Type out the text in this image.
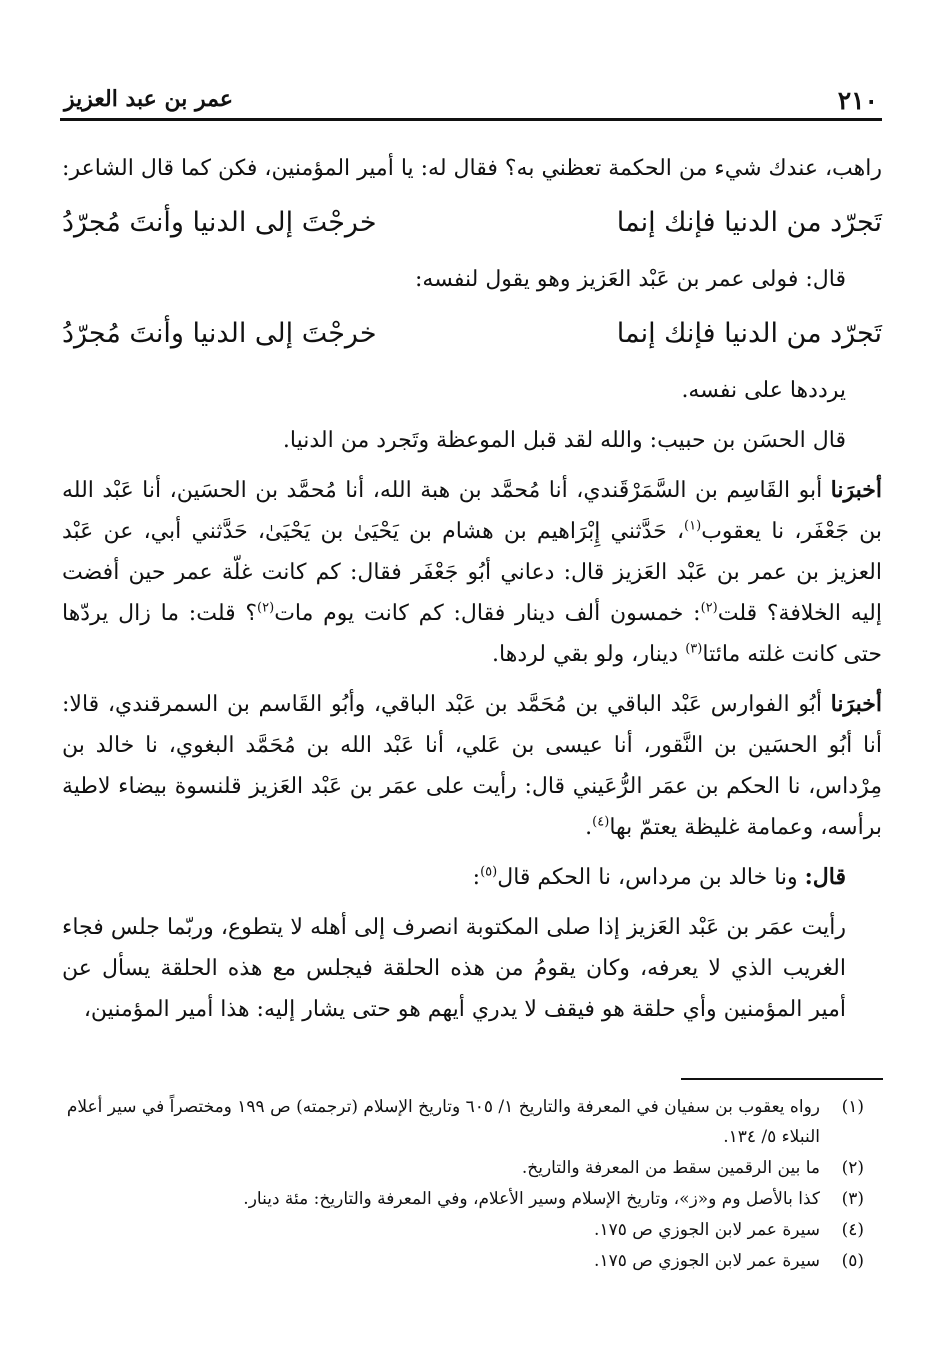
٢١٠
عمر بن عبد العزيز

راهب، عندك شيء من الحكمة تعظني به؟ فقال له: يا أمير المؤمنين، فكن كما قال الشاعر:

تَجرّد من الدنيا فإنك إنما
خرجْتَ إلى الدنيا وأنتَ مُجرّدُ

قال: فولى عمر بن عَبْد العَزيز وهو يقول لنفسه:

تَجرّد من الدنيا فإنك إنما
خرجْتَ إلى الدنيا وأنتَ مُجرّدُ

يرددها على نفسه.

قال الحسَن بن حبيب: والله لقد قبل الموعظة وتَجرد من الدنيا.

أخبرَنا أبو القَاسِم بن السَّمَرْقَندي، أنا مُحمَّد بن هبة الله، أنا مُحمَّد بن الحسَين، أنا عَبْد الله بن جَعْفَر، نا يعقوب$^{(١)}$، حَدَّثني إِبْرَاهيم بن هشام بن يَحْيَىٰ بن يَحْيَىٰ، حَدَّثني أبي، عن عَبْد العزيز بن عمر بن عَبْد العَزيز قال: دعاني أبُو جَعْفَر فقال: كم كانت غلّة عمر حين أفضت إليه الخلافة؟ قلت$^{(٢)}$: خمسون ألف دينار فقال: كم كانت يوم مات$^{(٢)}$؟ قلت: ما زال يردّها حتى كانت غلته مائتا$^{(٣)}$ دينار، ولو بقي لردها.

أخبرَنا أبُو الفوارس عَبْد الباقي بن مُحَمَّد بن عَبْد الباقي، وأبُو القَاسم بن السمرقندي، قالا: أنا أبُو الحسَين بن النَّقور، أنا عيسى بن عَلي، أنا عَبْد الله بن مُحَمَّد البغوي، نا خالد بن مِرْداس، نا الحكم بن عمَر الرُّعَيني قال: رأيت على عمَر بن عَبْد العَزيز قلنسوة بيضاء لاطية برأسه، وعمامة غليظة يعتمّ بها$^{(٤)}$.

قال: ونا خالد بن مرداس، نا الحكم قال$^{(٥)}$:

رأيت عمَر بن عَبْد العَزيز إذا صلى المكتوبة انصرف إلى أهله لا يتطوع، وربّما جلس فجاء الغريب الذي لا يعرفه، وكان يقومُ من هذه الحلقة فيجلس مع هذه الحلقة يسأل عن أمير المؤمنين وأي حلقة هو فيقف لا يدري أيهم هو حتى يشار إليه: هذا أمير المؤمنين،

(١)
رواه يعقوب بن سفيان في المعرفة والتاريخ ١/ ٦٠٥ وتاريخ الإسلام (ترجمته) ص ١٩٩ ومختصراً في سير أعلام النبلاء ٥/ ١٣٤.
(٢)
ما بين الرقمين سقط من المعرفة والتاريخ.
(٣)
كذا بالأصل وم و«ز»، وتاريخ الإسلام وسير الأعلام، وفي المعرفة والتاريخ: مئة دينار.
(٤)
سيرة عمر لابن الجوزي ص ١٧٥.
(٥)
سيرة عمر لابن الجوزي ص ١٧٥.
